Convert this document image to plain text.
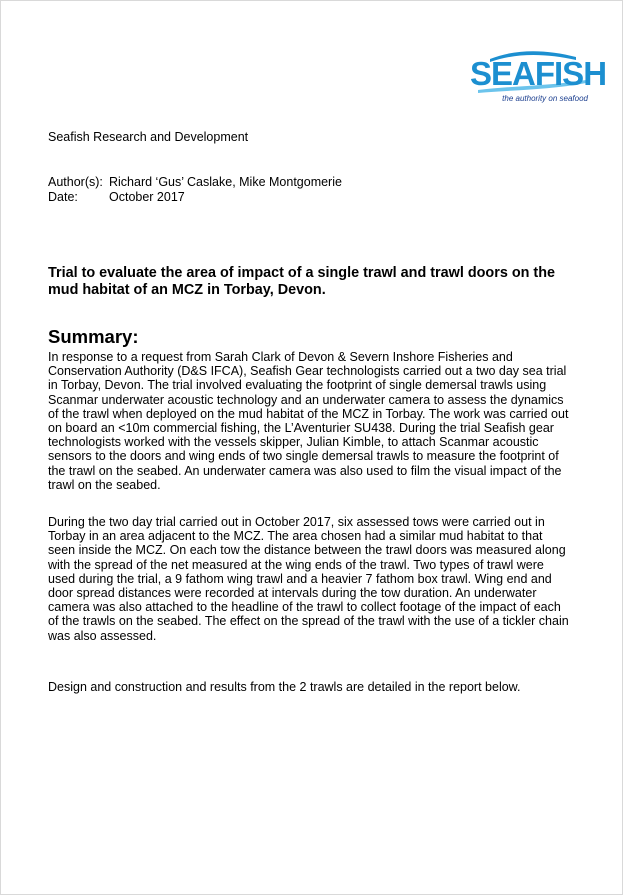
SEAFISH
the authority on seafood
Seafish Research and Development
Author(s): Richard ‘Gus’ Caslake, Mike Montgomerie
Date: October 2017
Trial to evaluate the area of impact of a single trawl and trawl doors on the
mud habitat of an MCZ in Torbay, Devon.
Summary:
In response to a request from Sarah Clark of Devon & Severn Inshore Fisheries and
Conservation Authority (D&S IFCA), Seafish Gear technologists carried out a two day sea trial
in Torbay, Devon. The trial involved evaluating the footprint of single demersal trawls using
Scanmar underwater acoustic technology and an underwater camera to assess the dynamics
of the trawl when deployed on the mud habitat of the MCZ in Torbay. The work was carried out
on board an <10m commercial fishing, the L’Aventurier SU438. During the trial Seafish gear
technologists worked with the vessels skipper, Julian Kimble, to attach Scanmar acoustic
sensors to the doors and wing ends of two single demersal trawls to measure the footprint of
the trawl on the seabed. An underwater camera was also used to film the visual impact of the
trawl on the seabed.
During the two day trial carried out in October 2017, six assessed tows were carried out in
Torbay in an area adjacent to the MCZ. The area chosen had a similar mud habitat to that
seen inside the MCZ. On each tow the distance between the trawl doors was measured along
with the spread of the net measured at the wing ends of the trawl. Two types of trawl were
used during the trial, a 9 fathom wing trawl and a heavier 7 fathom box trawl. Wing end and
door spread distances were recorded at intervals during the tow duration. An underwater
camera was also attached to the headline of the trawl to collect footage of the impact of each
of the trawls on the seabed. The effect on the spread of the trawl with the use of a tickler chain
was also assessed.
Design and construction and results from the 2 trawls are detailed in the report below.
